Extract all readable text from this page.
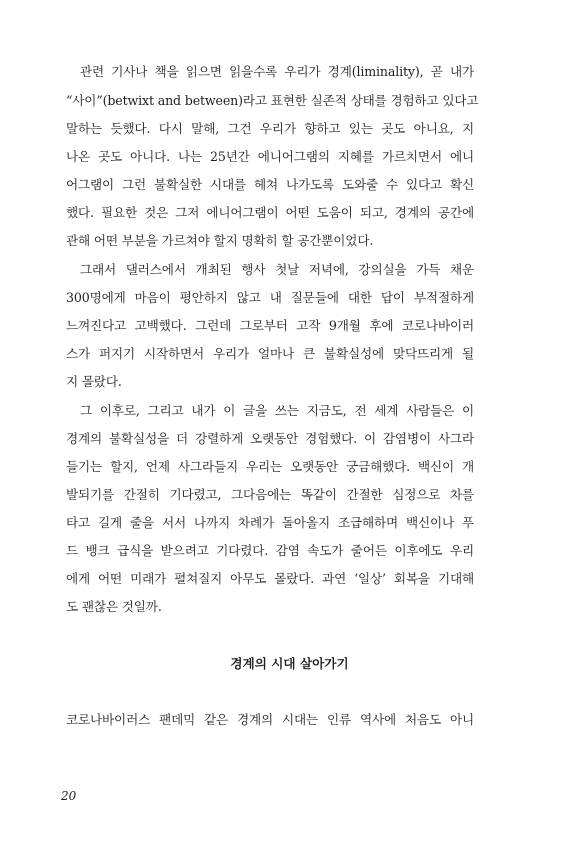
관련 기사나 책을 읽으면 읽을수록 우리가 경계(liminality), 곧 내가
“사이”(betwixt and between)라고 표현한 실존적 상태를 경험하고 있다고
말하는 듯했다. 다시 말해, 그건 우리가 향하고 있는 곳도 아니요, 지
나온 곳도 아니다. 나는 25년간 에니어그램의 지혜를 가르치면서 에니
어그램이 그런 불확실한 시대를 헤쳐 나가도록 도와줄 수 있다고 확신
했다. 필요한 것은 그저 에니어그램이 어떤 도움이 되고, 경계의 공간에
관해 어떤 부분을 가르쳐야 할지 명확히 할 공간뿐이었다.
그래서 댈러스에서 개최된 행사 첫날 저녁에, 강의실을 가득 채운
300명에게 마음이 평안하지 않고 내 질문들에 대한 답이 부적절하게
느껴진다고 고백했다. 그런데 그로부터 고작 9개월 후에 코로나바이러
스가 퍼지기 시작하면서 우리가 얼마나 큰 불확실성에 맞닥뜨리게 될
지 몰랐다.
그 이후로, 그리고 내가 이 글을 쓰는 지금도, 전 세계 사람들은 이
경계의 불확실성을 더 강렬하게 오랫동안 경험했다. 이 감염병이 사그라
들기는 할지, 언제 사그라들지 우리는 오랫동안 궁금해했다. 백신이 개
발되기를 간절히 기다렸고, 그다음에는 똑같이 간절한 심정으로 차를
타고 길게 줄을 서서 나까지 차례가 돌아올지 조급해하며 백신이나 푸
드 뱅크 급식을 받으려고 기다렸다. 감염 속도가 줄어든 이후에도 우리
에게 어떤 미래가 펼쳐질지 아무도 몰랐다. 과연 ‘일상’ 회복을 기대해
도 괜찮은 것일까.
경계의 시대 살아가기
코로나바이러스 팬데믹 같은 경계의 시대는 인류 역사에 처음도 아니
20
